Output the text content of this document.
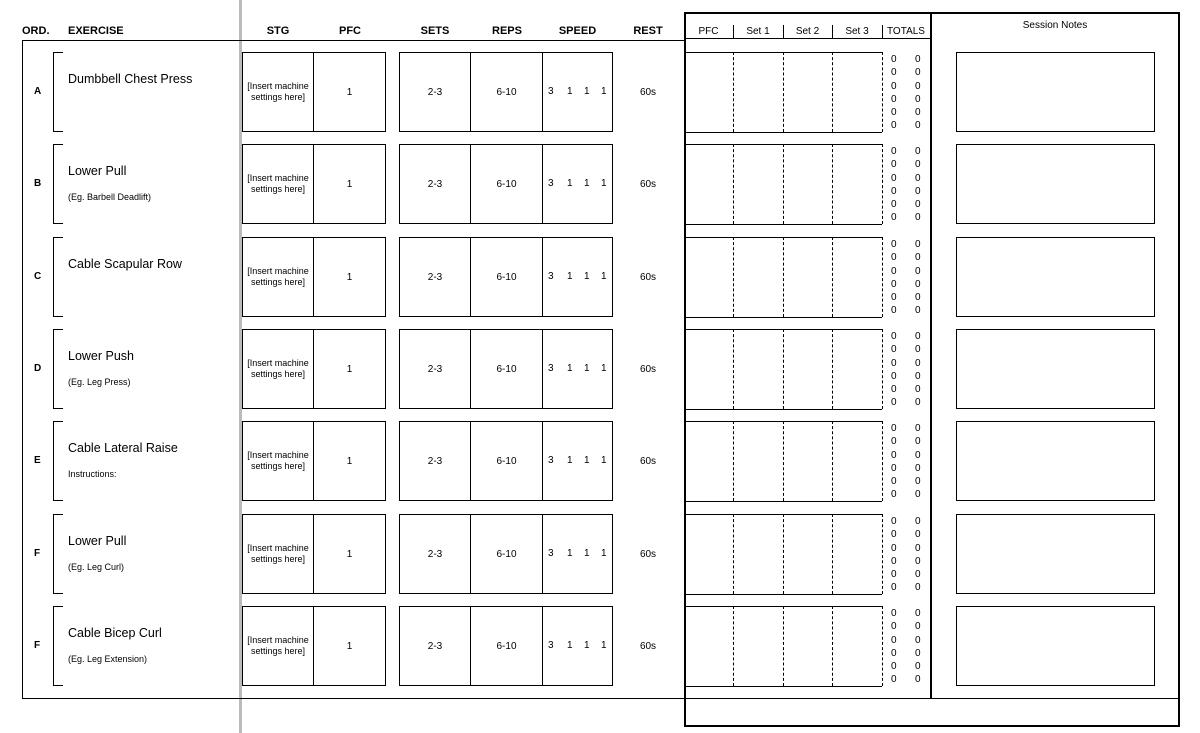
ORD.	EXERCISE	STG	PFC	SETS	REPS	SPEED	REST	PFC	Set 1	Set 2	Set 3	TOTALS
Session Notes
A
Dumbbell Chest Press	[Insert machine settings here]	1	2-3	6-10	3 1 1 1	60s
0	0
0	0
0	0
0	0
0	0
0	0
B
Lower Pull
(Eg. Barbell Deadlift)
[Insert machine settings here]	1	2-3	6-10	3 1 1 1	60s
0	0
0	0
0	0
0	0
0	0
0	0
C
Cable Scapular Row	[Insert machine settings here]	1	2-3	6-10	3 1 1 1	60s
0	0
0	0
0	0
0	0
0	0
0	0
D
Lower Push
(Eg. Leg Press)
[Insert machine settings here]	1	2-3	6-10	3 1 1 1	60s
0	0
0	0
0	0
0	0
0	0
0	0
E
Cable Lateral Raise
Instructions:
[Insert machine settings here]	1	2-3	6-10	3 1 1 1	60s
0	0
0	0
0	0
0	0
0	0
0	0
F
Lower Pull
(Eg. Leg Curl)
[Insert machine settings here]	1	2-3	6-10	3 1 1 1	60s
0	0
0	0
0	0
0	0
0	0
0	0
F
Cable Bicep Curl
(Eg. Leg Extension)
[Insert machine settings here]	1	2-3	6-10	3 1 1 1	60s
0	0
0	0
0	0
0	0
0	0
0	0
